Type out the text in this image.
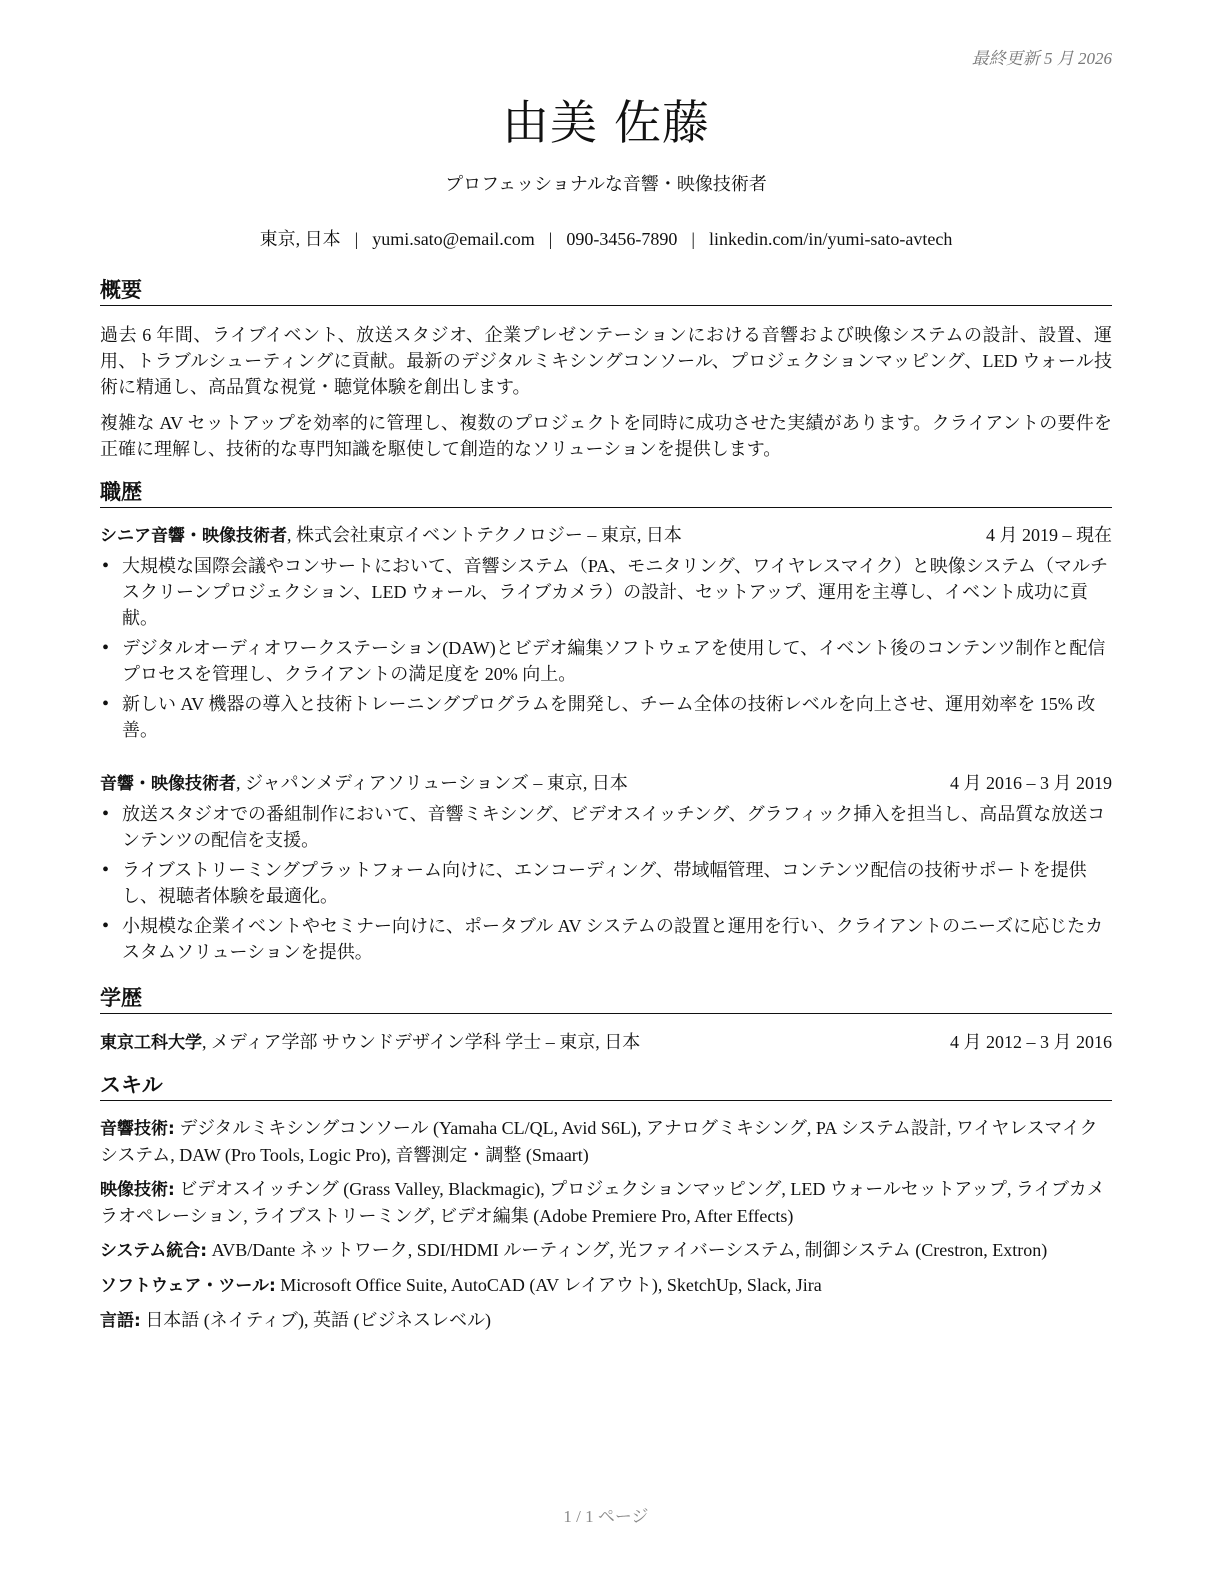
最終更新 5 月 2026
由美 佐藤
プロフェッショナルな音響・映像技術者
東京, 日本 | yumi.sato@email.com | 090-3456-7890 | linkedin.com/in/yumi-sato-avtech
概要

過去 6 年間、ライブイベント、放送スタジオ、企業プレゼンテーションにおける音響および映像システムの設計、設置、運用、トラブルシューティングに貢献。最新のデジタルミキシングコンソール、プロジェクションマッピング、LED ウォール技術に精通し、高品質な視覚・聴覚体験を創出します。

複雑な AV セットアップを効率的に管理し、複数のプロジェクトを同時に成功させた実績があります。クライアントの要件を正確に理解し、技術的な専門知識を駆使して創造的なソリューションを提供します。

職歴
シニア音響・映像技術者, 株式会社東京イベントテクノロジー – 東京, 日本	4 月 2019 – 現在
• 大規模な国際会議やコンサートにおいて、音響システム（PA、モニタリング、ワイヤレスマイク）と映像システム（マルチスクリーンプロジェクション、LED ウォール、ライブカメラ）の設計、セットアップ、運用を主導し、イベント成功に貢献。
• デジタルオーディオワークステーション(DAW)とビデオ編集ソフトウェアを使用して、イベント後のコンテンツ制作と配信プロセスを管理し、クライアントの満足度を 20% 向上。
• 新しい AV 機器の導入と技術トレーニングプログラムを開発し、チーム全体の技術レベルを向上させ、運用効率を 15% 改善。
音響・映像技術者, ジャパンメディアソリューションズ – 東京, 日本	4 月 2016 – 3 月 2019
• 放送スタジオでの番組制作において、音響ミキシング、ビデオスイッチング、グラフィック挿入を担当し、高品質な放送コンテンツの配信を支援。
• ライブストリーミングプラットフォーム向けに、エンコーディング、帯域幅管理、コンテンツ配信の技術サポートを提供し、視聴者体験を最適化。
• 小規模な企業イベントやセミナー向けに、ポータブル AV システムの設置と運用を行い、クライアントのニーズに応じたカスタムソリューションを提供。
学歴
東京工科大学, メディア学部 サウンドデザイン学科 学士 – 東京, 日本	4 月 2012 – 3 月 2016
スキル
音響技術: デジタルミキシングコンソール (Yamaha CL/QL, Avid S6L), アナログミキシング, PA システム設計, ワイヤレスマイクシステム, DAW (Pro Tools, Logic Pro), 音響測定・調整 (Smaart)
映像技術: ビデオスイッチング (Grass Valley, Blackmagic), プロジェクションマッピング, LED ウォールセットアップ, ライブカメラオペレーション, ライブストリーミング, ビデオ編集 (Adobe Premiere Pro, After Effects)
システム統合: AVB/Dante ネットワーク, SDI/HDMI ルーティング, 光ファイバーシステム, 制御システム (Crestron, Extron)
ソフトウェア・ツール: Microsoft Office Suite, AutoCAD (AV レイアウト), SketchUp, Slack, Jira
言語: 日本語 (ネイティブ), 英語 (ビジネスレベル)
1 / 1 ページ
